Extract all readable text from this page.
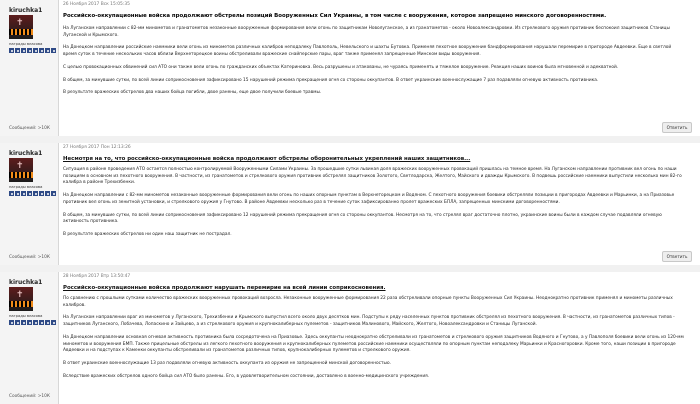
kiruchka1
✝
награды власова
Сообщений: >10К
26 Ноября 2017 Вск 15:05:35
Российско-оккупационные войска продолжают обстрелы позиций Вооруженных Сил Украины, в том числе с вооружения, которое запрещено минского договоренностями.

На Луганском направлении с 82-мм минометов и гранатометов незаконные вооруженные формирования вели огонь по защитникам Новолуганское, а из гранатометов - около Новоалександровки. Из стрелкового оружия противник беспокоил защитников Станицы Луганской и Крымского.

На Донецком направлении российские наемники вели огонь из минометов различных калибров неподалеку Павлополь, Невельского и шахты Бутовка. Применяя пехотное вооружение бандформирования нарушали перемирие в пригороде Авдеевки. Еще в светлой время суток в течение нескольких часов вблизи Верхнеторецкое воины обстреливали вражеские снайперские пары, враг также применял запрещенные Минском виды вооружения.

С целью провокационных обвинений сил АТО они также вели огонь по гражданских объектах Катериновка. Весь разрушены и атакованы, не чураясь применять и тяжелое вооружение. Реакция наших воинов была мгновенной и адекватной.

В общем, за минувшие сутки, по всей линии соприкосновения зафиксировано 15 нарушений режима прекращения огня со стороны оккупантов. В ответ украинские военнослужащие 7 раз подавляли огневую активность противника.

В результате вражеских обстрелов два наших бойца погибли, двое ранены, еще двое получили боевые травмы.

Ответить
kiruchka1
✝
награды власова
Сообщений: >10К
27 Ноября 2017 Пон 12:13:26
Несмотря на то, что российско-оккупационные войска продолжают обстрелы оборонительных укреплений наших защитников...

Ситуация в районе проведения АТО остается полностью контролируемой Вооруженными Силами Украины. За прошедшие сутки львиная доля вражеских вооруженных провокаций пришлась на темное время. На Луганском направлении противник вел огонь по наши позициям в основном из пехотного вооружения. В частности, из гранатометов и стрелкового оружия противник обстрелял защитников Золотого, Светлодарска, Желтого, Майского и дважды Крымского. В подвешь российские наемники выпустили несколько мин 82-го калибра в районе Трехизбенки.

На Донецком направлении с 82-мм минометов незаконные вооруженные формирования вели огонь по наших опорным пунктам в Верхнеторецком и Водяном. С пехотного вооружения боевики обстреляли позиции в пригородах Авдеевки и Марьинки, а на Приазовье противник вел огонь из зенитной установки, и стрелкового оружия у Гнутово. В районе Авдеевки несколько раз в течение суток зафиксированно пролет вражеских БПЛА, запрещенных минскими договоренностями.

В общем, за минувшие сутки, по всей линии соприкосновения зафиксировано 12 нарушений режима прекращения огня со стороны оккупантов. Несмотря на то, что стрелял враг достаточно плотно, украинские воины были в каждом случае подавляли огневую активность противника.

В результате вражеских обстрелов ни один наш защитник не пострадал.

Ответить
kiruchka1
✝
награды власова
Сообщений: >10К
28 Ноября 2017 Втр 13:50:47
Российско-оккупационные войска продолжают нарушать перемирие на всей линии соприкосновения.

По сравнению с прошлыми сутками количество вражеских вооруженных провокаций возросла. Незаконные вооруженные формирования 22 раза обстреливали опорные пункты Вооруженных Сил Украины. Неоднократно противник применял и минометы различных калибров.

На Луганском направлении враг из минометов у Луганского, Трехизбенки и Крымского выпустил всего около двух десятков мин. Подступы к ряду населенных пунктов противник обстрелял из пехотного вооружения. В частности, из гранатометов различных типов - защитников Луганского, Лобачева, Лопаскино и Зайцево, а из стрелкового оружия и крупнокалиберных пулеметов - защитников Малинового, Майского, Желтого, Новоалександровки и Станицы Луганской.

На Донецком направлении основная огневая активность противника была сосредоточена на Приазовье. Здесь оккупанты неоднократно обстреливали из гранатометов и стрелкового оружия защитников Водяного и Гнутово, а у Павлополя боевики вели огонь из 120-мм минометов и вооружения БМП. Также прицельные обстрелы из легкого пехотного вооружения и крупнокалиберных пулеметов российские наемники осуществляли по опорным пунктам неподалеку Марьинки и Красногоровки. Кроме того, наши позиции в пригороде Авдеевки и на подступах к Каменки оккупанты обстреливали из гранатометов различных типов, крупнокалиберных пулеметов и стрелкового оружия.

В ответ украинские военнослужащие 13 раз подавляли огневую активность оккупанта из оружия не запрещенной минской договоренностью.

Вследствие вражеских обстрелов одного бойца сил АТО было ранены. Его, в удовлетворительном состоянии, доставлено в военно-медицинского учреждения.
